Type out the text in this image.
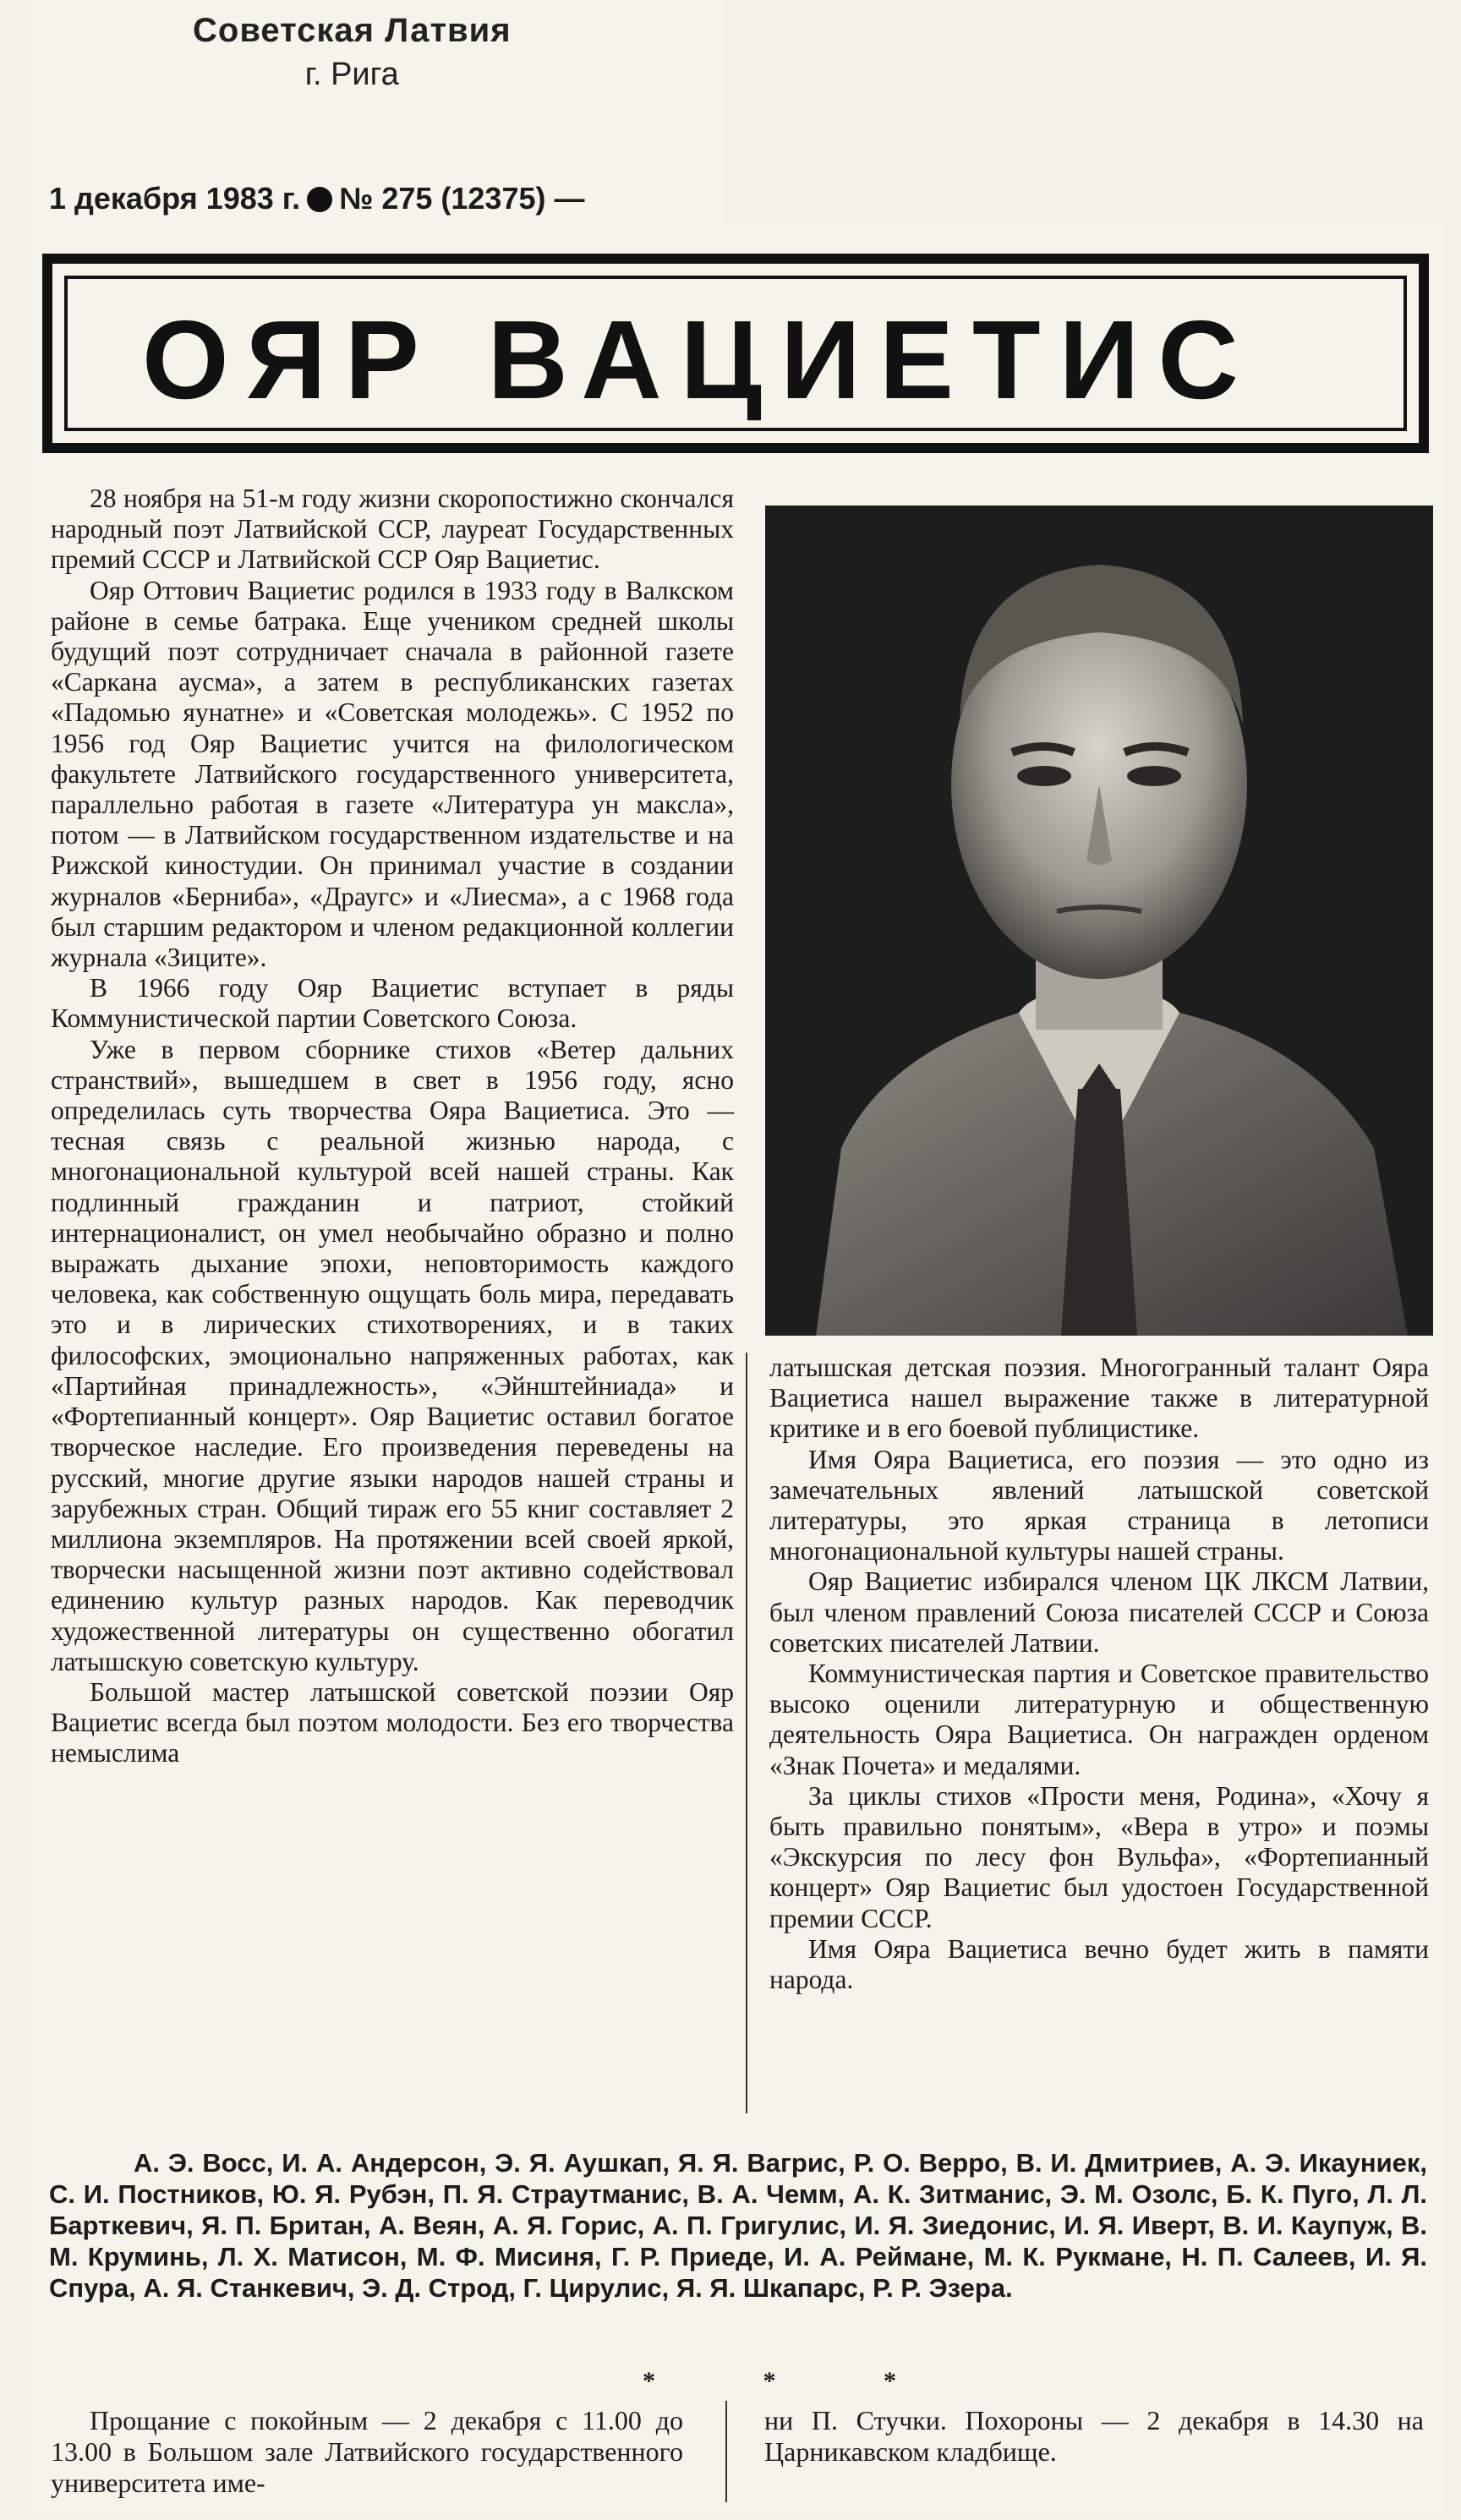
Советская Латвия
г. Рига
1 декабря 1983 г. № 275 (12375) —
ОЯР ВАЦИЕТИС

28 ноября на 51-м году жизни скоропостижно скончался народный поэт Латвийской ССР, лауреат Государственных премий СССР и Латвийской ССР Ояр Вациетис.

Ояр Оттович Вациетис родился в 1933 году в Валкском районе в семье батрака. Еще учеником средней школы будущий поэт сотрудничает сначала в районной газете «Саркана аусма», а затем в республиканских газетах «Падомью яунатне» и «Советская молодежь». С 1952 по 1956 год Ояр Вациетис учится на филологическом факультете Латвийского государственного университета, параллельно работая в газете «Литература ун максла», потом — в Латвийском государственном издательстве и на Рижской киностудии. Он принимал участие в создании журналов «Берниба», «Драугс» и «Лиесма», а с 1968 года был старшим редактором и членом редакционной коллегии журнала «Зиците».

В 1966 году Ояр Вациетис вступает в ряды Коммунистической партии Советского Союза.

Уже в первом сборнике стихов «Ветер дальних странствий», вышедшем в свет в 1956 году, ясно определилась суть творчества Ояра Вациетиса. Это — тесная связь с реальной жизнью народа, с многонациональной культурой всей нашей страны. Как подлинный гражданин и патриот, стойкий интернационалист, он умел необычайно образно и полно выражать дыхание эпохи, неповторимость каждого человека, как собственную ощущать боль мира, передавать это и в лирических стихотворениях, и в таких философских, эмоционально напряженных работах, как «Партийная принадлежность», «Эйнштейниада» и «Фортепианный концерт». Ояр Вациетис оставил богатое творческое наследие. Его произведения переведены на русский, многие другие языки народов нашей страны и зарубежных стран. Общий тираж его 55 книг составляет 2 миллиона экземпляров. На протяжении всей своей яркой, творчески насыщенной жизни поэт активно содействовал единению культур разных народов. Как переводчик художественной литературы он существенно обогатил латышскую советскую культуру.

Большой мастер латышской советской поэзии Ояр Вациетис всегда был поэтом молодости. Без его творчества немыслима

латышская детская поэзия. Многогранный талант Ояра Вациетиса нашел выражение также в литературной критике и в его боевой публицистике.

Имя Ояра Вациетиса, его поэзия — это одно из замечательных явлений латышской советской литературы, это яркая страница в летописи многонациональной культуры нашей страны.

Ояр Вациетис избирался членом ЦК ЛКСМ Латвии, был членом правлений Союза писателей СССР и Союза советских писателей Латвии.

Коммунистическая партия и Советское правительство высоко оценили литературную и общественную деятельность Ояра Вациетиса. Он награжден орденом «Знак Почета» и медалями.

За циклы стихов «Прости меня, Родина», «Хочу я быть правильно понятым», «Вера в утро» и поэмы «Экскурсия по лесу фон Вульфа», «Фортепианный концерт» Ояр Вациетис был удостоен Государственной премии СССР.

Имя Ояра Вациетиса вечно будет жить в памяти народа.

А. Э. Восс, И. А. Андерсон, Э. Я. Аушкап, Я. Я. Вагрис, Р. О. Верро, В. И. Дмитриев, А. Э. Икауниек, С. И. Постников, Ю. Я. Рубэн, П. Я. Страутманис, В. А. Чемм, А. К. Зитманис, Э. М. Озолс, Б. К. Пуго, Л. Л. Барткевич, Я. П. Британ, А. Веян, А. Я. Горис, А. П. Григулис, И. Я. Зиедонис, И. Я. Иверт, В. И. Каупуж, В. М. Круминь, Л. Х. Матисон, М. Ф. Мисиня, Г. Р. Приеде, И. А. Реймане, М. К. Рукмане, Н. П. Салеев, И. Я. Спура, А. Я. Станкевич, Э. Д. Строд, Г. Цирулис, Я. Я. Шкапарс, Р. Р. Эзера.
* * *

Прощание с покойным — 2 декабря с 11.00 до 13.00 в Большом зале Латвийского государственного университета име-

ни П. Стучки. Похороны — 2 декабря в 14.30 на Царникавском кладбище.
